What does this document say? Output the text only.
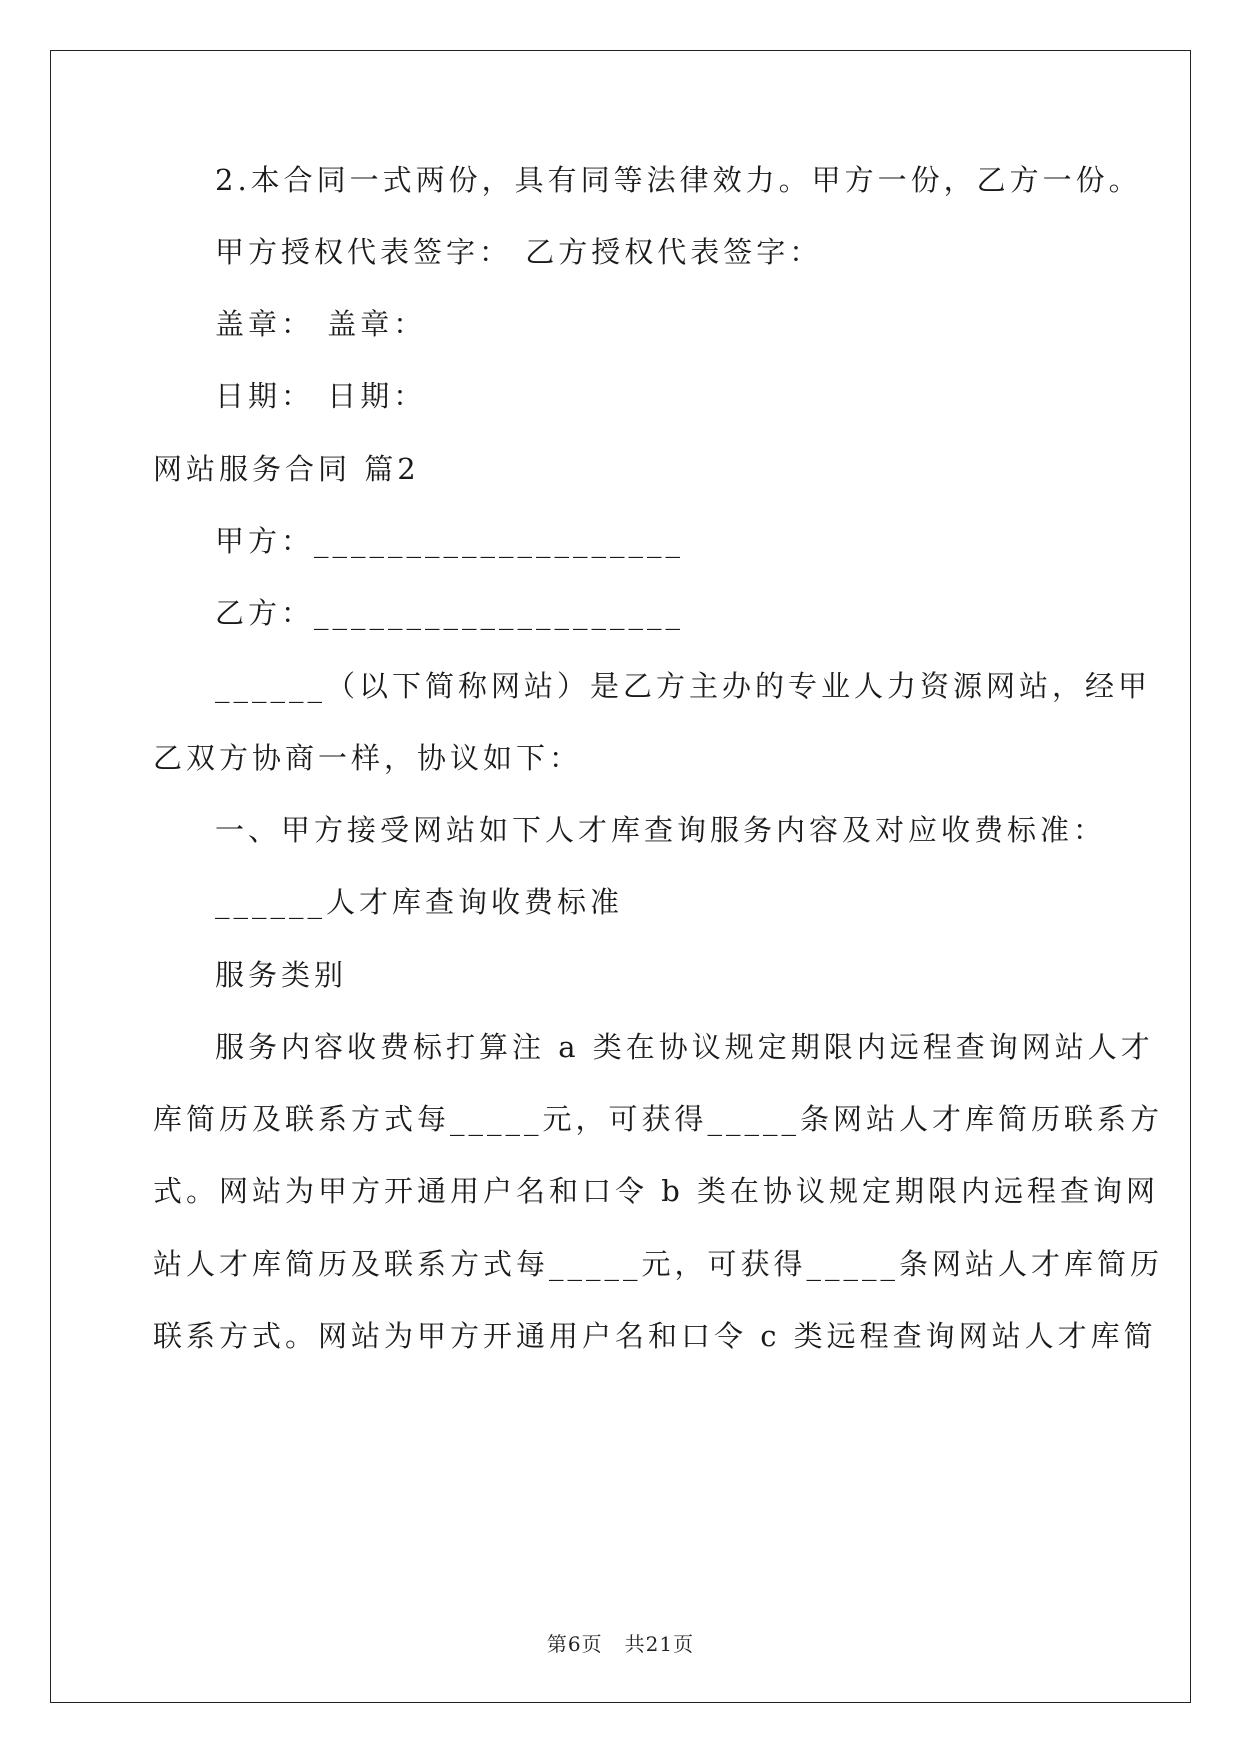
2.本合同一式两份，具有同等法律效力。甲方一份，乙方一份。
甲方授权代表签字： 乙方授权代表签字：
盖章： 盖章：
日期： 日期：
网站服务合同 篇2
甲方：____________________
乙方：____________________
______（以下简称网站）是乙方主办的专业人力资源网站，经甲
乙双方协商一样，协议如下：
一、甲方接受网站如下人才库查询服务内容及对应收费标准：
______人才库查询收费标准
服务类别
服务内容收费标打算注 a 类在协议规定期限内远程查询网站人才
库简历及联系方式每_____元，可获得_____条网站人才库简历联系方
式。网站为甲方开通用户名和口令 b 类在协议规定期限内远程查询网
站人才库简历及联系方式每_____元，可获得_____条网站人才库简历
联系方式。网站为甲方开通用户名和口令 c 类远程查询网站人才库简
第6页 共21页
